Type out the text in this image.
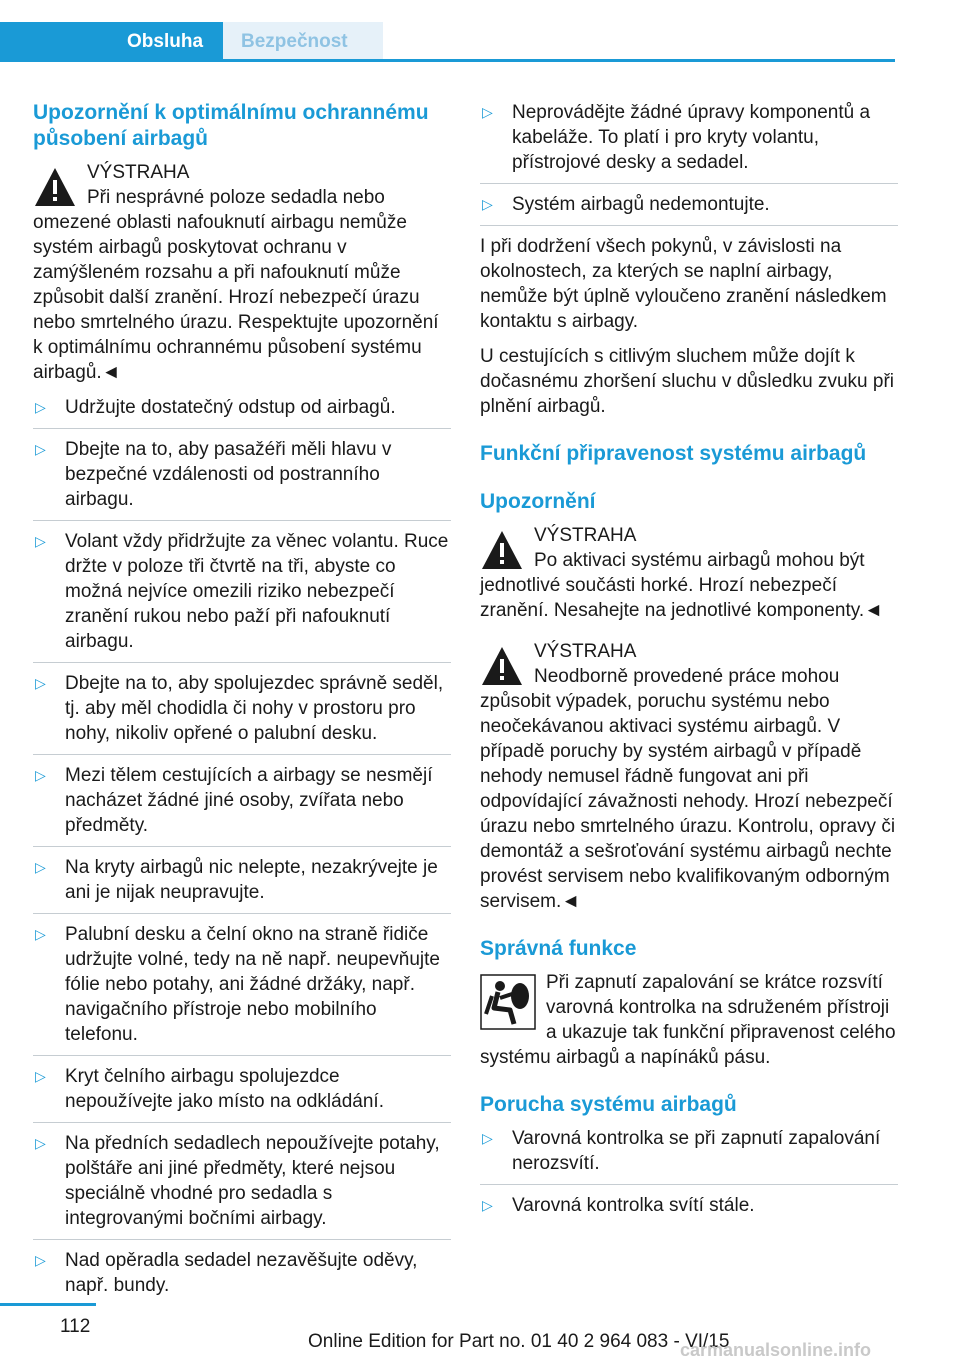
Obsluha	Bezpečnost
Upozornění k optimálnímu ochrannému působení airbagů
VÝSTRAHA
Při nesprávné poloze sedadla nebo omezené oblasti nafouknutí airbagu nemůže systém airbagů poskytovat ochranu v zamýšleném rozsahu a při nafouknutí může způsobit další zranění. Hrozí nebezpečí úrazu nebo smrtelného úrazu. Respektujte upozornění k optimálnímu ochrannému působení systému airbagů.◄
▷ Udržujte dostatečný odstup od airbagů.
▷ Dbejte na to, aby pasažéři měli hlavu v bezpečné vzdálenosti od postranního airbagu.
▷ Volant vždy přidržujte za věnec volantu. Ruce držte v poloze tři čtvrtě na tři, abyste co možná nejvíce omezili riziko nebezpečí zranění rukou nebo paží při nafouknutí airbagu.
▷ Dbejte na to, aby spolujezdec správně seděl, tj. aby měl chodidla či nohy v prostoru pro nohy, nikoliv opřené o palubní desku.
▷ Mezi tělem cestujících a airbagy se nesmějí nacházet žádné jiné osoby, zvířata nebo předměty.
▷ Na kryty airbagů nic nelepte, nezakrývejte je ani je nijak neupravujte.
▷ Palubní desku a čelní okno na straně řidiče udržujte volné, tedy na ně např. neupevňujte fólie nebo potahy, ani žádné držáky, např. navigačního přístroje nebo mobilního telefonu.
▷ Kryt čelního airbagu spolujezdce nepoužívejte jako místo na odkládání.
▷ Na předních sedadlech nepoužívejte potahy, polštáře ani jiné předměty, které nejsou speciálně vhodné pro sedadla s integrovanými bočními airbagy.
▷ Nad opěradla sedadel nezavěšujte oděvy, např. bundy.
▷ Neprovádějte žádné úpravy komponentů a kabeláže. To platí i pro kryty volantu, přístrojové desky a sedadel.
▷ Systém airbagů nedemontujte.

I při dodržení všech pokynů, v závislosti na okolnostech, za kterých se naplní airbagy, nemůže být úplně vyloučeno zranění následkem kontaktu s airbagy.

U cestujících s citlivým sluchem může dojít k dočasnému zhoršení sluchu v důsledku zvuku při plnění airbagů.

Funkční připravenost systému airbagů
Upozornění
VÝSTRAHA
Po aktivaci systému airbagů mohou být jednotlivé součásti horké. Hrozí nebezpečí zranění. Nesahejte na jednotlivé komponenty.◄
VÝSTRAHA
Neodborně provedené práce mohou způsobit výpadek, poruchu systému nebo neočekávanou aktivaci systému airbagů. V případě poruchy by systém airbagů v případě nehody nemusel řádně fungovat ani při odpovídající závažnosti nehody. Hrozí nebezpečí úrazu nebo smrtelného úrazu. Kontrolu, opravy či demontáž a sešroťování systému airbagů nechte provést servisem nebo kvalifikovaným odborným servisem.◄
Správná funkce
Při zapnutí zapalování se krátce rozsvítí varovná kontrolka na sdruženém přístroji a ukazuje tak funkční připravenost celého systému airbagů a napínáků pásu.
Porucha systému airbagů
▷ Varovná kontrolka se při zapnutí zapalování nerozsvítí.
▷ Varovná kontrolka svítí stále.
112
Online Edition for Part no. 01 40 2 964 083 - VI/15
carmanualsonline.info
